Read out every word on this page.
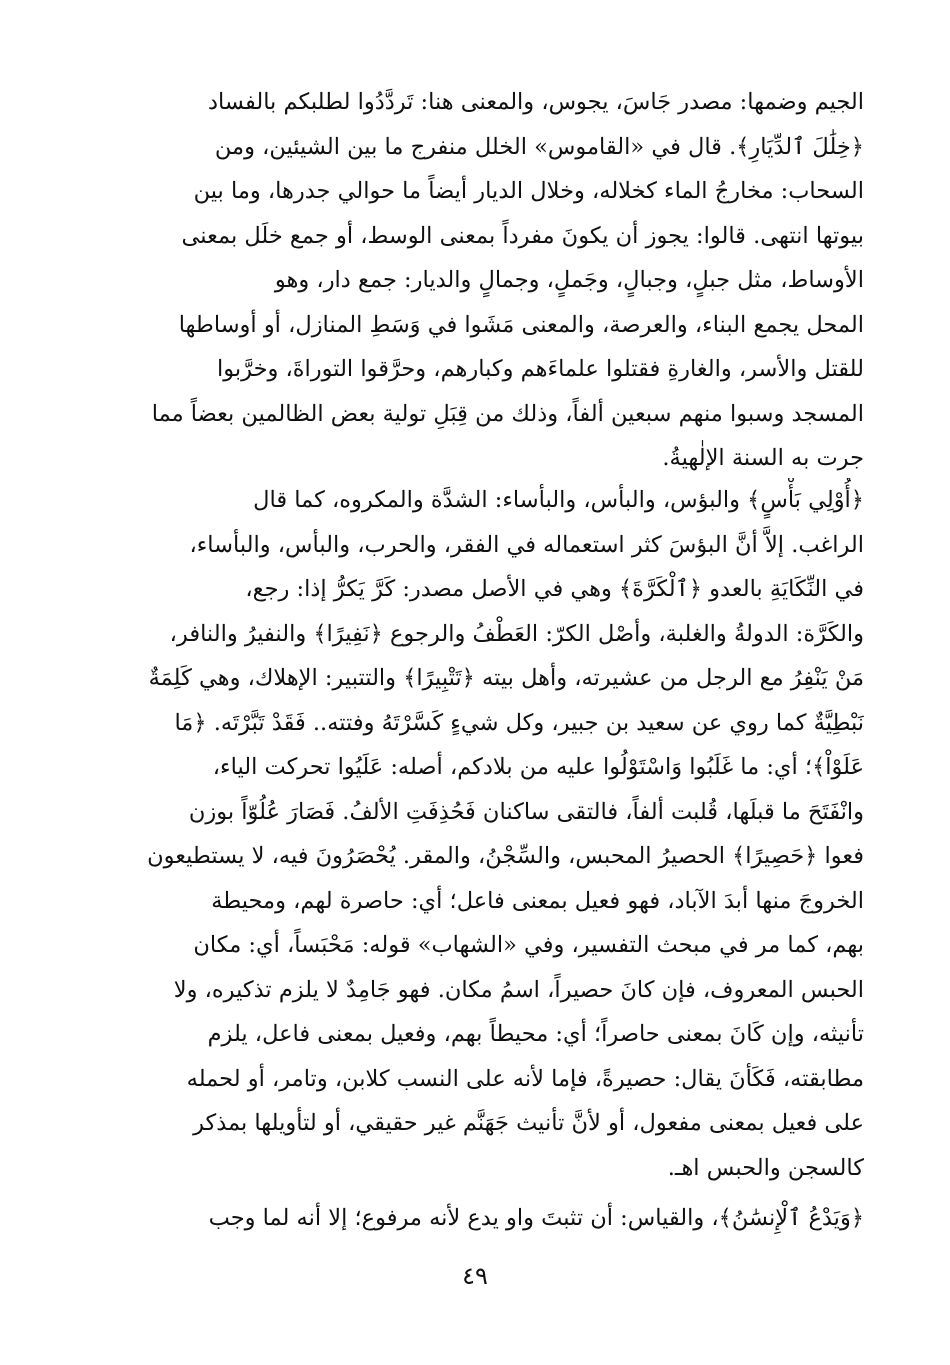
الجيم وضمها: مصدر جَاسَ، يجوس، والمعنى هنا: تَردَّدُوا لطلبكم بالفساد
﴿خِلَٰلَ ٱلدِّيَارِ﴾. قال في «القاموس» الخلل منفرج ما بين الشيئين، ومن
السحاب: مخارجُ الماء كخلاله، وخلال الديار أيضاً ما حوالي جدرها، وما بين
بيوتها انتهى. قالوا: يجوز أن يكونَ مفرداً بمعنى الوسط، أو جمع خلَل بمعنى
الأوساط، مثل جبلٍ، وجبالٍ، وجَملٍ، وجمالٍ والديار: جمع دار، وهو
المحل يجمع البناء، والعرصة، والمعنى مَشَوا في وَسَطِ المنازل، أو أوساطها
للقتل والأسر، والغارةِ فقتلوا علماءَهم وكبارهم، وحرَّقوا التوراةَ، وخرَّبوا
المسجد وسبوا منهم سبعين ألفاً، وذلك من قِبَلِ تولية بعض الظالمين بعضاً مما
جرت به السنة الإلٰهيةُ.
﴿أُوْلِي بَأْسٍ﴾ والبؤس، والبأس، والبأساء: الشدَّة والمكروه، كما قال
الراغب. إلاَّ أنَّ البؤسَ كثر استعماله في الفقر، والحرب، والبأس، والبأساء،
في النِّكَايَةِ بالعدو ﴿ٱلْكَرَّةَ﴾ وهي في الأصل مصدر: كَرَّ يَكرُّ إذا: رجع،
والكَرَّة: الدولةُ والغلبة، وأصْل الكرّ: العَطْفُ والرجوع ﴿نَفِيرًا﴾ والنفيرُ والنافر،
مَنْ يَنْفِرُ مع الرجل من عشيرته، وأهل بيته ﴿تَتْبِيرًا﴾ والتتبير: الإهلاك، وهي كَلِمَةٌ
نَبْطِيَّةٌ كما روي عن سعيد بن جبير، وكل شيءٍ كَسَّرْتَهُ وفتته.. فَقَدْ تَبَّرْتَه. ﴿مَا
عَلَوْاْ﴾؛ أي: ما غَلَبُوا وَاسْتَوْلُوا عليه من بلادكم، أصله: عَلَيُوا تحركت الياء،
وانْفَتَحَ ما قبلَها، قُلبت ألفاً، فالتقى ساكنان فَحُذِفَتِ الألفُ. فَصَارَ عُلُوّاً بوزن
فعوا ﴿حَصِيرًا﴾ الحصيرُ المحبس، والسِّجْنُ، والمقر. يُحْصَرُونَ فيه، لا يستطيعون
الخروجَ منها أبدَ الآباد، فهو فعيل بمعنى فاعل؛ أي: حاصرة لهم، ومحيطة
بهم، كما مر في مبحث التفسير، وفي «الشهاب» قوله: مَحْبَساً، أي: مكان
الحبس المعروف، فإن كانَ حصيراً، اسمُ مكان. فهو جَامِدٌ لا يلزم تذكيره، ولا
تأنيثه، وإن كَانَ بمعنى حاصراً؛ أي: محيطاً بهم، وفعيل بمعنى فاعل، يلزم
مطابقته، فَكَأنَ يقال: حصيرةً، فإما لأنه على النسب كلابن، وتامر، أو لحمله
على فعيل بمعنى مفعول، أو لأنَّ تأنيث جَهَنَّم غير حقيقي، أو لتأويلها بمذكر
كالسجن والحبس اهـ.
﴿وَيَدْعُ ٱلْإِنسَٰنُ﴾، والقياس: أن تثبتَ واو يدع لأنه مرفوع؛ إلا أنه لما وجب
٤٩
